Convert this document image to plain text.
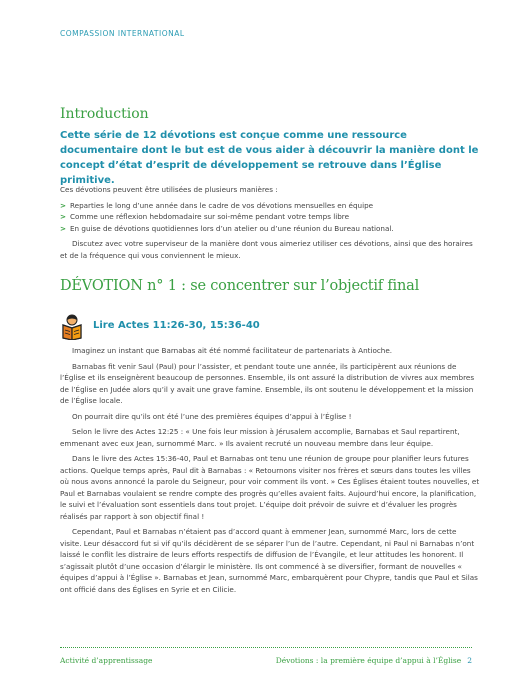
COMPASSION INTERNATIONAL
Introduction

Cette série de 12 dévotions est conçue comme une ressource documentaire dont le but est de vous aider à découvrir la manière dont le concept d’état d’esprit de développement se retrouve dans l’Église primitive.

Ces dévotions peuvent être utilisées de plusieurs manières :

> Reparties le long d’une année dans le cadre de vos dévotions mensuelles en équipe
> Comme une réflexion hebdomadaire sur soi-même pendant votre temps libre
> En guise de dévotions quotidiennes lors d’un atelier ou d’une réunion du Bureau national.

Discutez avec votre superviseur de la manière dont vous aimeriez utiliser ces dévotions, ainsi que des horaires et de la fréquence qui vous conviennent le mieux.

DÉVOTION n° 1 : se concentrer sur l’objectif final
Lire Actes 11:26-30, 15:36-40

Imaginez un instant que Barnabas ait été nommé facilitateur de partenariats à Antioche.

Barnabas fit venir Saul (Paul) pour l’assister, et pendant toute une année, ils participèrent aux réunions de l’Église et ils enseignèrent beaucoup de personnes. Ensemble, ils ont assuré la distribution de vivres aux membres de l’Église en Judée alors qu’il y avait une grave famine. Ensemble, ils ont soutenu le développement et la mission de l’Église locale.

On pourrait dire qu’ils ont été l’une des premières équipes d’appui à l’Église !

Selon le livre des Actes 12:25 : « Une fois leur mission à Jérusalem accomplie, Barnabas et Saul repartirent, emmenant avec eux Jean, surnommé Marc. » Ils avaient recruté un nouveau membre dans leur équipe.

Dans le livre des Actes 15:36-40, Paul et Barnabas ont tenu une réunion de groupe pour planifier leurs futures actions. Quelque temps après, Paul dit à Barnabas : « Retournons visiter nos frères et sœurs dans toutes les villes où nous avons annoncé la parole du Seigneur, pour voir comment ils vont. » Ces Églises étaient toutes nouvelles, et Paul et Barnabas voulaient se rendre compte des progrès qu’elles avaient faits. Aujourd’hui encore, la planification, le suivi et l’évaluation sont essentiels dans tout projet. L’équipe doit prévoir de suivre et d’évaluer les progrès réalisés par rapport à son objectif final !

Cependant, Paul et Barnabas n’étaient pas d’accord quant à emmener Jean, surnommé Marc, lors de cette visite. Leur désaccord fut si vif qu’ils décidèrent de se séparer l’un de l’autre. Cependant, ni Paul ni Barnabas n’ont laissé le conflit les distraire de leurs efforts respectifs de diffusion de l’Évangile, et leur attitudes les honorent. Il s’agissait plutôt d’une occasion d’élargir le ministère. Ils ont commencé à se diversifier, formant de nouvelles « équipes d’appui à l’Église ». Barnabas et Jean, surnommé Marc, embarquèrent pour Chypre, tandis que Paul et Silas ont officié dans des Églises en Syrie et en Cilicie.

Activité d’apprentissage	Dévotions : la première équipe d’appui à l’Église 2
